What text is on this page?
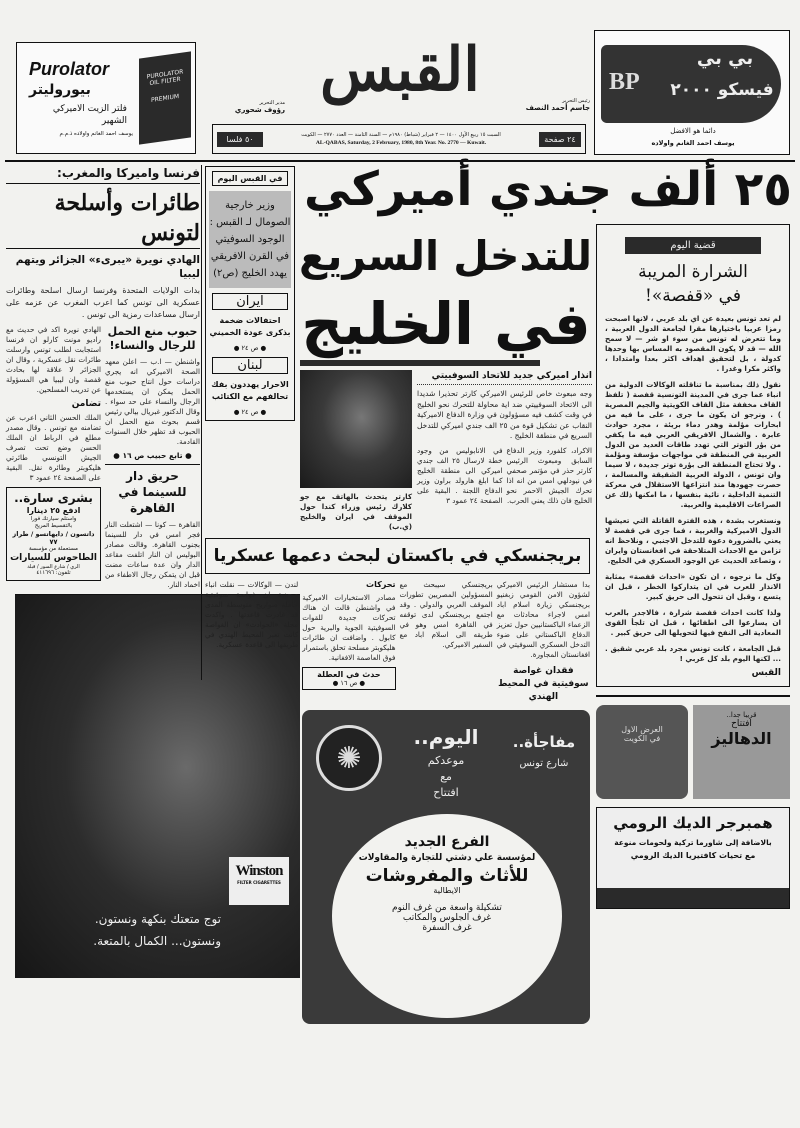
Purolator
بيوروليتر
فلتر الزيت الاميركي الشهير
يوسف احمد الغانم واولاده ذ.م.م
PUROLATOR OIL FILTER
PREMIUM	القبس	رئيس التحرير
جاسم أحمد النصف
مدير التحرير
رؤوف شحوري
٥٠ فلسا	السبت ١٥ ربيع الأول ١٤٠٠ — ٢ فبراير (شباط) ١٩٨٠م — السنة الثامنة — العدد ٢٧٧٠ — الكويت
AL-QABAS, Saturday, 2 February, 1980, 8th Year. No. 2770 — Kuwait.	٢٤ صفحة
BP
بي بي
فيسكو ٢٠٠٠
دائما هو الافضل
يوسف احمد الغانم واولاده
فرنسا واميركا والمغرب:
طائرات وأسلحة لتونس
الهادي نويرة «يبرىء» الجزائر ويتهم ليبيا
بدات الولايات المتحدة وفرنسا ارسال اسلحة وطائرات عسكرية الى تونس كما اعرب المغرب عن عزمه على ارسال مساعدات رمزية الى تونس .
الهادي نويرة اكد في حديث مع راديو مونت كارلو ان فرنسا استجابت لطلب تونس وارسلت طائرات نقل عسكرية ، وقال ان الجزائر لا علاقة لها بحادث قفصة وان ليبيا هي المسؤولة عن تدريب المسلحين.
تضامن
الملك الحسن الثاني اعرب عن تضامنه مع تونس . وقال مصدر مطلع في الرباط ان الملك الحسن وضع تحت تصرف الجيش التونسي طائرتي هليكوبتر وطائرة نقل. البقية على الصفحة ٢٤ عمود ٣
بشرى سارة..
ادفع ٢٥ دينارا
واستلم سيارتك فورا
بالتقسيط المريح
داتسون / دايهاتسو / طراز ٧٧
مستعملة من مؤسسة
الطاحوس للسيارات
الري / شارع السور / قبلة
تلفون: ٤١١٦٩٦
حبوب منع الحمل للرجال والنساء!
واشنطن — ا.ب — اعلن معهد الصحة الاميركي انه يجري دراسات حول انتاج حبوب منع الحمل يمكن ان يستخدمها الرجال والنساء على حد سواء . وقال الدكتور غبريال بيالي رئيس قسم بحوث منع الحمل ان الحبوب قد تظهر خلال السنوات القادمة.
● تابع حبيب ص ١٦ ●
حريق دار للسينما في القاهرة
القاهرة — كونا — اشتعلت النار فجر امس في دار للسينما بجنوب القاهرة. وقالت مصادر البوليس ان النار اتلفت مقاعد الدار وان عدة ساعات مضت قبل ان يتمكن رجال الاطفاء من اخماد النار.
Winston
FILTER CIGARETTES
توج متعتك بنكهة ونستون.
ونستون... الكمال بالمتعة.
٢٥ ألف جندي أميركي
في القبس اليوم
وزير خارجية الصومال لـ القبس : الوجود السوفيتي في القرن الافريقي يهدد الخليج (ص٢)
ايران
احتفالات ضخمة بذكرى عودة الخميني
● ص ٢٤ ●
لبنان
الاحرار يهددون بفك تحالفهم مع الكتائب
● ص ٢٤ ●
للتدخل السريع
في الخليج
كارتر يتحدث بالهاتف مع جو كلارك رئيس وزراء كندا حول الموقف في ايران والخليج (ي.ب)
انذار اميركي جديد للاتحاد السوفييتي
وجه مبعوث خاص للرئيس الاميركي كارتر تحذيرا شديدا الى الاتحاد السوفييتي ضد اية محاولة للتحرك نحو الخليج في وقت كشف فيه مسؤولون في وزارة الدفاع الاميركية النقاب عن تشكيل قوة من ٢٥ الف جندي اميركي للتدخل السريع في منطقة الخليج .
الاكراد، كلفورد وزير الدفاع السابق ومبعوث الرئيس كارتر حذر في مؤتمر صحفي في نيودلهي امس من انه اذا تحرك الجيش الاحمر نحو الخليج فان ذلك يعني الحرب.
في الانابوليس من وجود خطة لارسال ٢٥ الف جندي اميركي الى منطقة الخليج كما ابلغ هارولد براون وزير الدفاع اللجنة . البقية على الصفحة ٢٤ عمود ٣
بريجنسكي في باكستان لبحث دعمها عسكريا
بدا مستشار الرئيس الاميركي لشؤون الامن القومي زبغنيو بريجنسكي زيارة اسلام اباد امس لاجراء محادثات مع الزعماء الباكستانيين حول تعزيز الدفاع الباكستاني على ضوء التدخل العسكري السوفيتي في افغانستان المجاورة.
فقدان غواصة سوفيتية في المحيط الهندي
بريجنسكي سيبحث مع المسؤولين المصريين تطورات الموقف العربي والدولي . وقد اجتمع بريجنسكي لدى توقفه في القاهرة امس وهو في طريقه الى اسلام اباد مع السفير الاميركي.
تحركات
مصادر الاستخبارات الاميركية في واشنطن قالت ان هناك تحركات جديدة للقوات السوفيتية الجوية والبرية حول كابول . واضافت ان طائرات هليكوبتر مسلحة تحلق باستمرار فوق العاصمة الافغانية.
حدث في العطلة
● ص ١٦ ●
لندن — الوكالات — نقلت انباء صحفية ان غواصة سوفيتية حاملة صواريخ متوسطة المدى قد غادرت قاعدتها . واكدت مجلة «الحوادث» ان الغواصة كانت تعبر المحيط الهندي في طريقها الى قاعدة عسكرية.
✺
اليوم..
موعدكم
مع
افتتاح
مفاجأة..
شارع تونس
الفرع الجديد
لمؤسسة علي دشتي للتجارة والمقاولات
للأثاث والمفروشات
الايطالية
تشكيلة واسعة من غرف النوم
غرف الجلوس والمكاتب
غرف السفرة
قضية اليوم
الشرارة المريبة
في «قفصة»!

لم تعد تونس بعيدة عن اي بلد عربي ، لانها اصبحت رمزا عربيا باختيارها مقرا لجامعة الدول العربية ، وما تتعرض له تونس من سوء او شر — لا سمح الله — قد لا يكون المقصود به المساس بها وحدها كدولة ، بل لتحقيق اهداف اكثر بعدا وامتدادا ، واكثر مكرا وغدرا .

نقول ذلك بمناسبة ما تناقلته الوكالات الدولية من انباء عما جرى في المدينة التونسية قفصة ( تلفظ القاف مخففة مثل القاف الكويتية والجيم المصرية ) . ونرجو ان يكون ما جرى ، على ما فيه من ابحارات مؤلمة وهدر دماء بريئة ، مجرد حوادث عابرة . والشمال الافريقي العربي فيه ما يكفي من بؤر التوتر التي تهدد طاقات العديد من الدول العربية في المنطقة في مواجهات مؤسفة ومؤلمة . ولا تحتاج المنطقة الى بؤرة توتر جديدة ، لا سيما وان تونس ، الدولة العربية الشقيقة والمسالمة ، حصرت جهودها منذ انتزاعها الاستقلال في معركة التنمية الداخلية ، نائية بنفسها ، ما امكنها ذلك عن الصراعات الاقليمية والعربية.

ونستغرب بشدة ، هذه الفترة القاتلة التي تعيشها الدول الاميركية والغربية ، فما جرى في قفصة لا يعني بالضرورة دعوة للتدخل الاجنبي ، ونلاحظ انه تزامن مع الاحداث المتلاحقة في افغانستان وايران ، وتصاعد الحديث عن الوجود العسكري في الخليج.

وكل ما نرجوه ، ان تكون «احداث قفصة» بمثابة الانذار للعرب في ان يتداركوا الخطر ، قبل ان يتسع ، وقبل ان تتحول الى حريق كبير.

ولذا كانت احداث قفصة شرارة ، فالاجدر بالعرب ان يسارعوا الى اطفائها ، قبل ان تلجأ القوى المعادية الى النفخ فيها لتحويلها الى حريق كبير .

قبل الجامعة ، كانت تونس مجرد بلد عربي شقيق . ... لكنها اليوم بلد كل عربي !

القبس
العرض الاول
في الكويت
قريبا جدا..
افتتاح
الدهاليز
همبرجر الديك الرومي
بالاضافة إلى شاورما تركية ولحومات منوعة
مع تحيات كافتيريا الديك الرومي
